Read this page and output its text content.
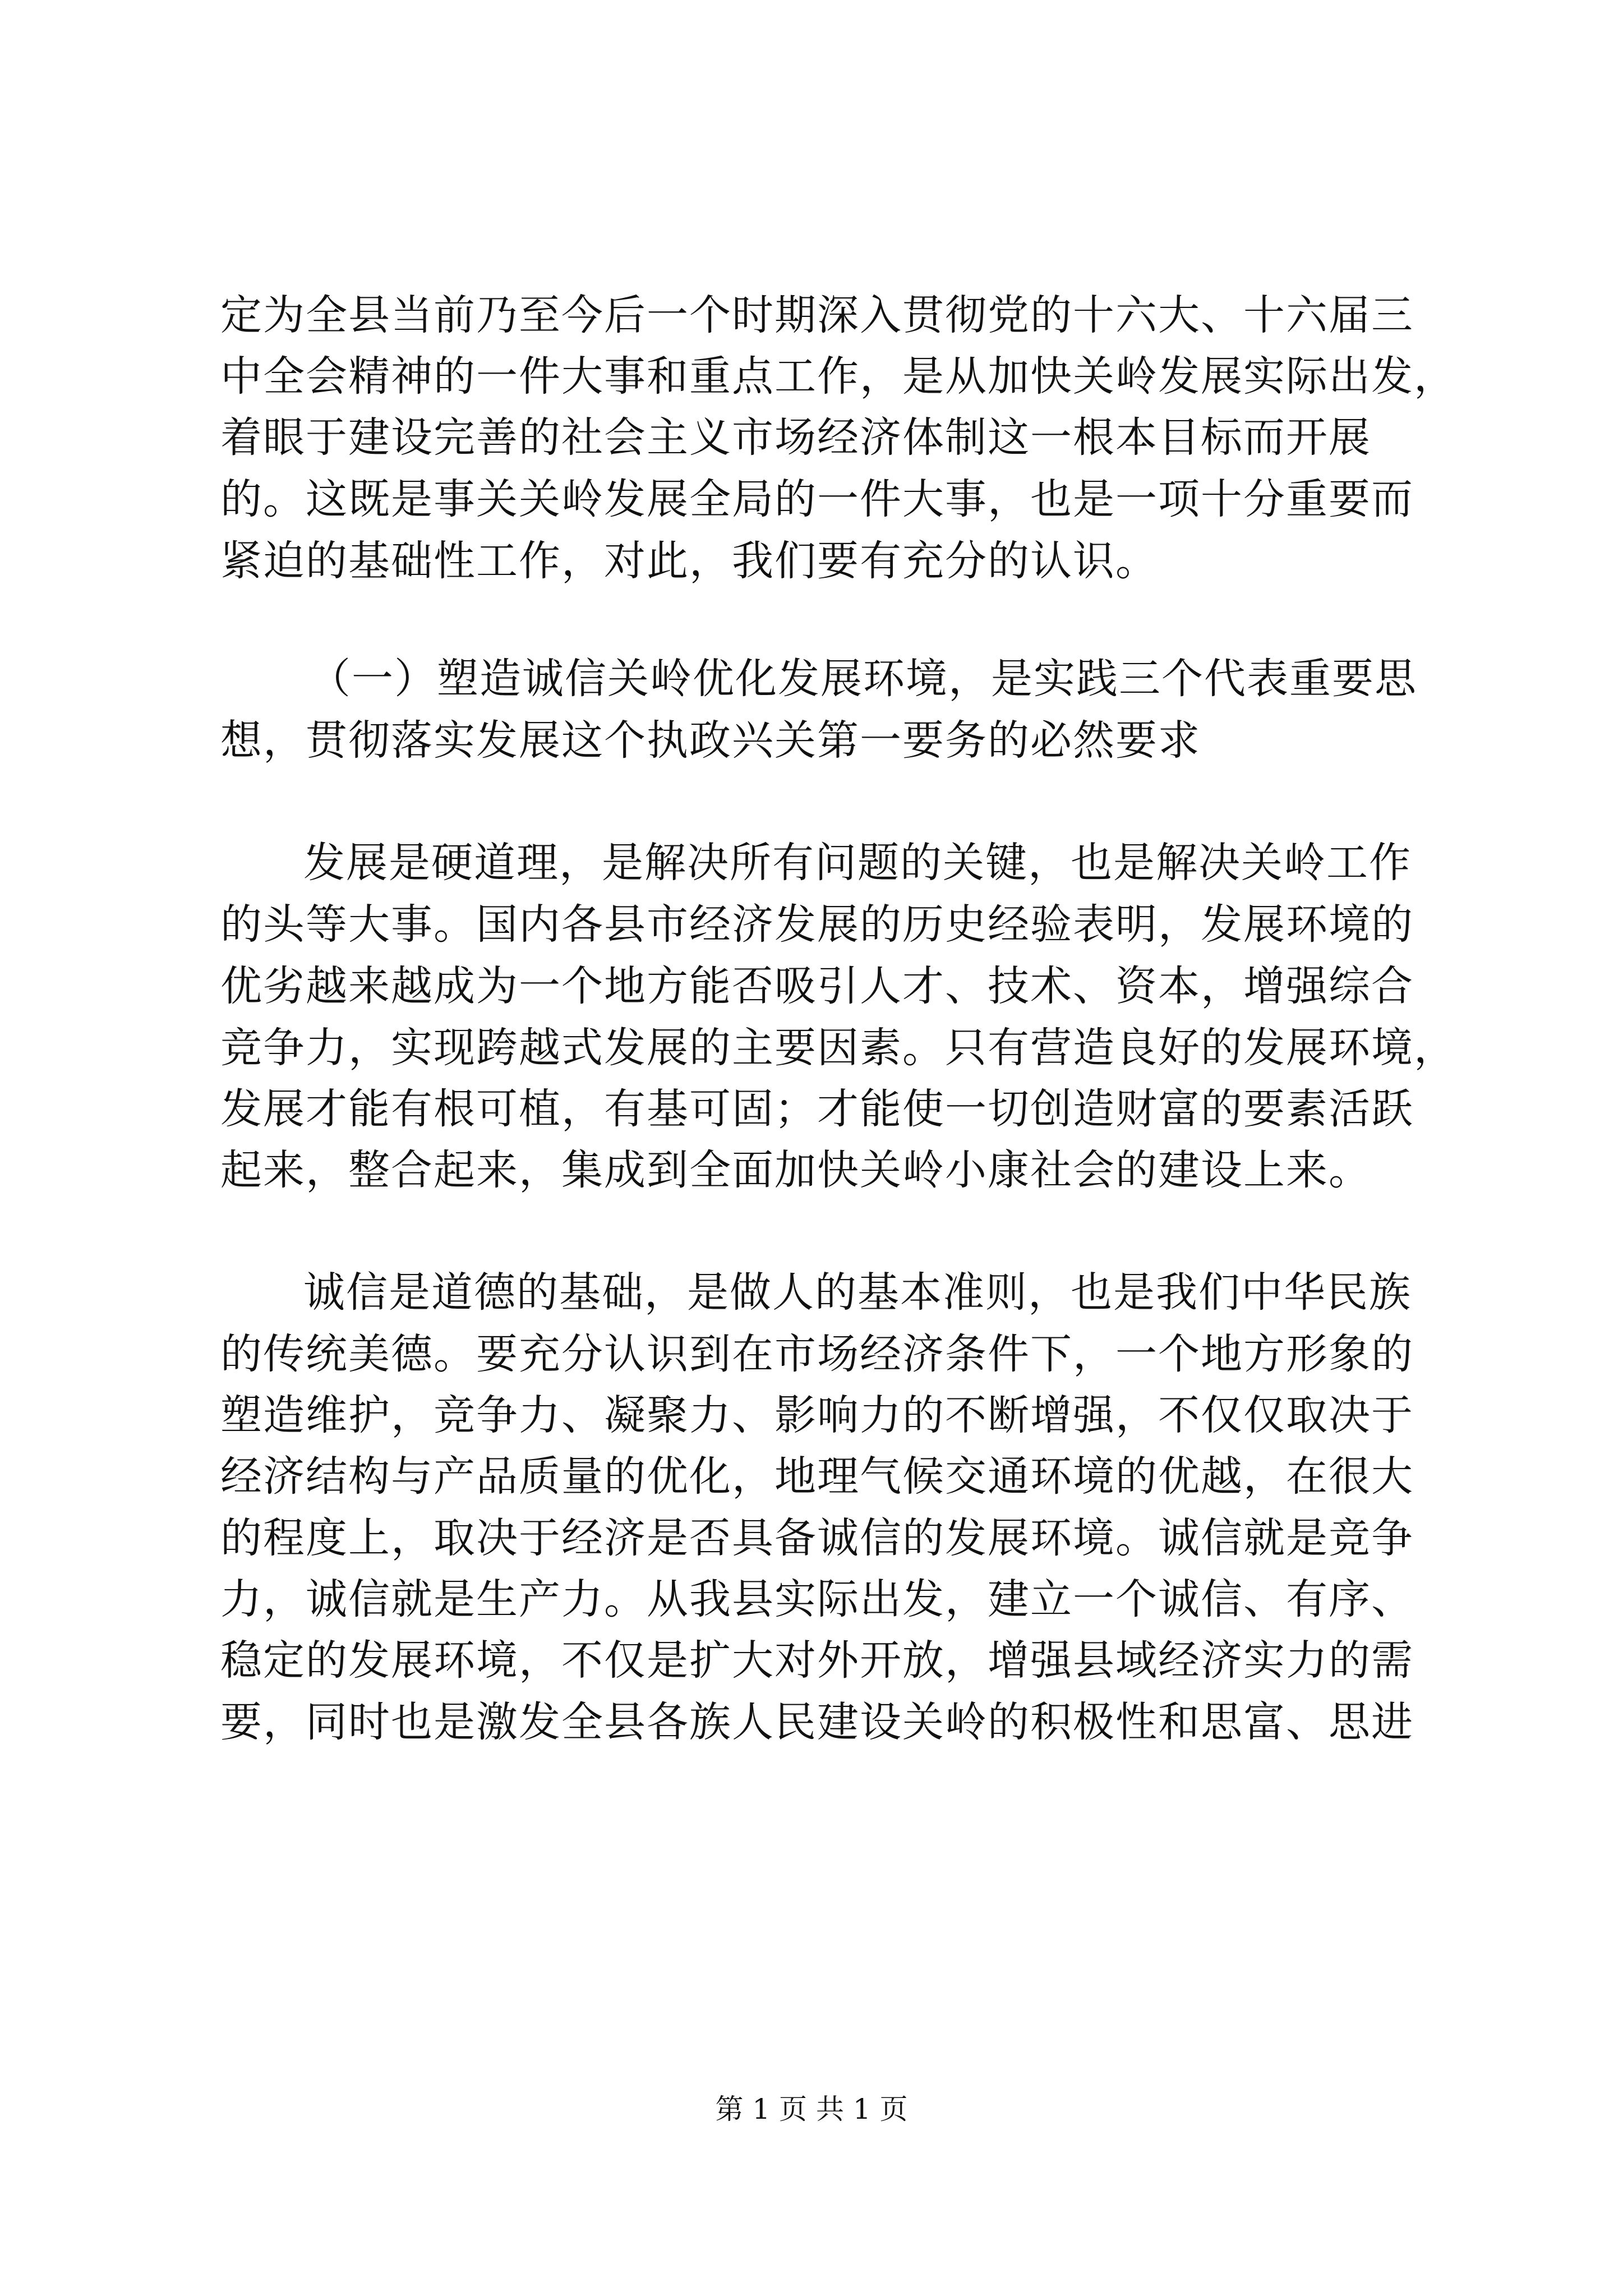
定为全县当前乃至今后一个时期深入贯彻党的十六大、十六届三
中全会精神的一件大事和重点工作，是从加快关岭发展实际出发，
着眼于建设完善的社会主义市场经济体制这一根本目标而开展
的。这既是事关关岭发展全局的一件大事，也是一项十分重要而
紧迫的基础性工作，对此，我们要有充分的认识。
（一）塑造诚信关岭优化发展环境，是实践三个代表重要思
想，贯彻落实发展这个执政兴关第一要务的必然要求
发展是硬道理，是解决所有问题的关键，也是解决关岭工作
的头等大事。国内各县市经济发展的历史经验表明，发展环境的
优劣越来越成为一个地方能否吸引人才、技术、资本，增强综合
竞争力，实现跨越式发展的主要因素。只有营造良好的发展环境，
发展才能有根可植，有基可固；才能使一切创造财富的要素活跃
起来，整合起来，集成到全面加快关岭小康社会的建设上来。
诚信是道德的基础，是做人的基本准则，也是我们中华民族
的传统美德。要充分认识到在市场经济条件下，一个地方形象的
塑造维护，竞争力、凝聚力、影响力的不断增强，不仅仅取决于
经济结构与产品质量的优化，地理气候交通环境的优越，在很大
的程度上，取决于经济是否具备诚信的发展环境。诚信就是竞争
力，诚信就是生产力。从我县实际出发，建立一个诚信、有序、
稳定的发展环境，不仅是扩大对外开放，增强县域经济实力的需
要，同时也是激发全县各族人民建设关岭的积极性和思富、思进
第 1 页 共 1 页
